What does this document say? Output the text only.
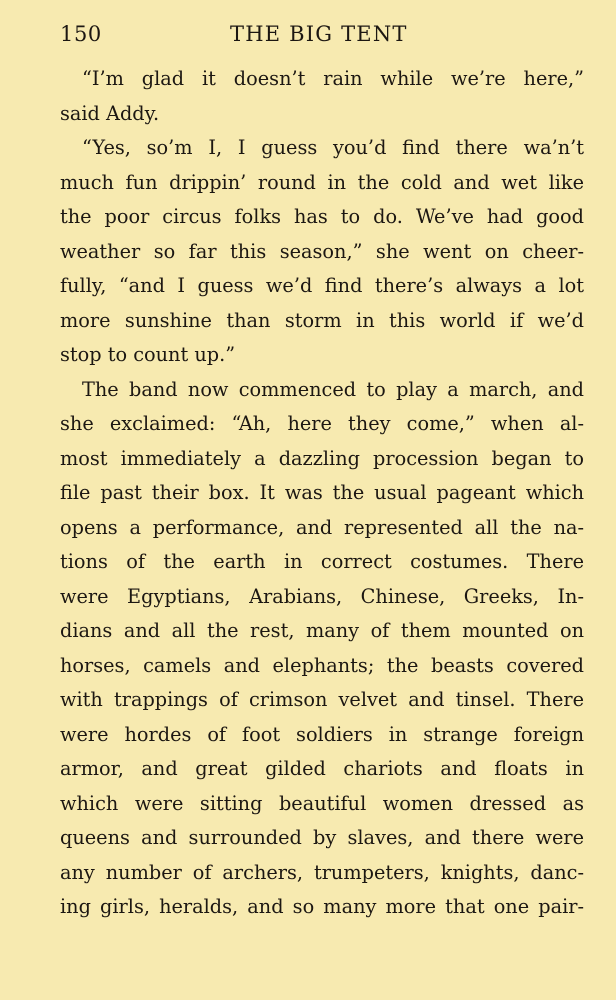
150	THE BIG TENT
“I’m glad it doesn’t rain while we’re here,”
said Addy.
“Yes, so’m I, I guess you’d find there wa’n’t
much fun drippin’ round in the cold and wet like
the poor circus folks has to do. We’ve had good
weather so far this season,” she went on cheer-
fully, “and I guess we’d find there’s always a lot
more sunshine than storm in this world if we’d
stop to count up.”
The band now commenced to play a march, and
she exclaimed: “Ah, here they come,” when al-
most immediately a dazzling procession began to
file past their box. It was the usual pageant which
opens a performance, and represented all the na-
tions of the earth in correct costumes. There
were Egyptians, Arabians, Chinese, Greeks, In-
dians and all the rest, many of them mounted on
horses, camels and elephants; the beasts covered
with trappings of crimson velvet and tinsel. There
were hordes of foot soldiers in strange foreign
armor, and great gilded chariots and floats in
which were sitting beautiful women dressed as
queens and surrounded by slaves, and there were
any number of archers, trumpeters, knights, danc-
ing girls, heralds, and so many more that one pair-
